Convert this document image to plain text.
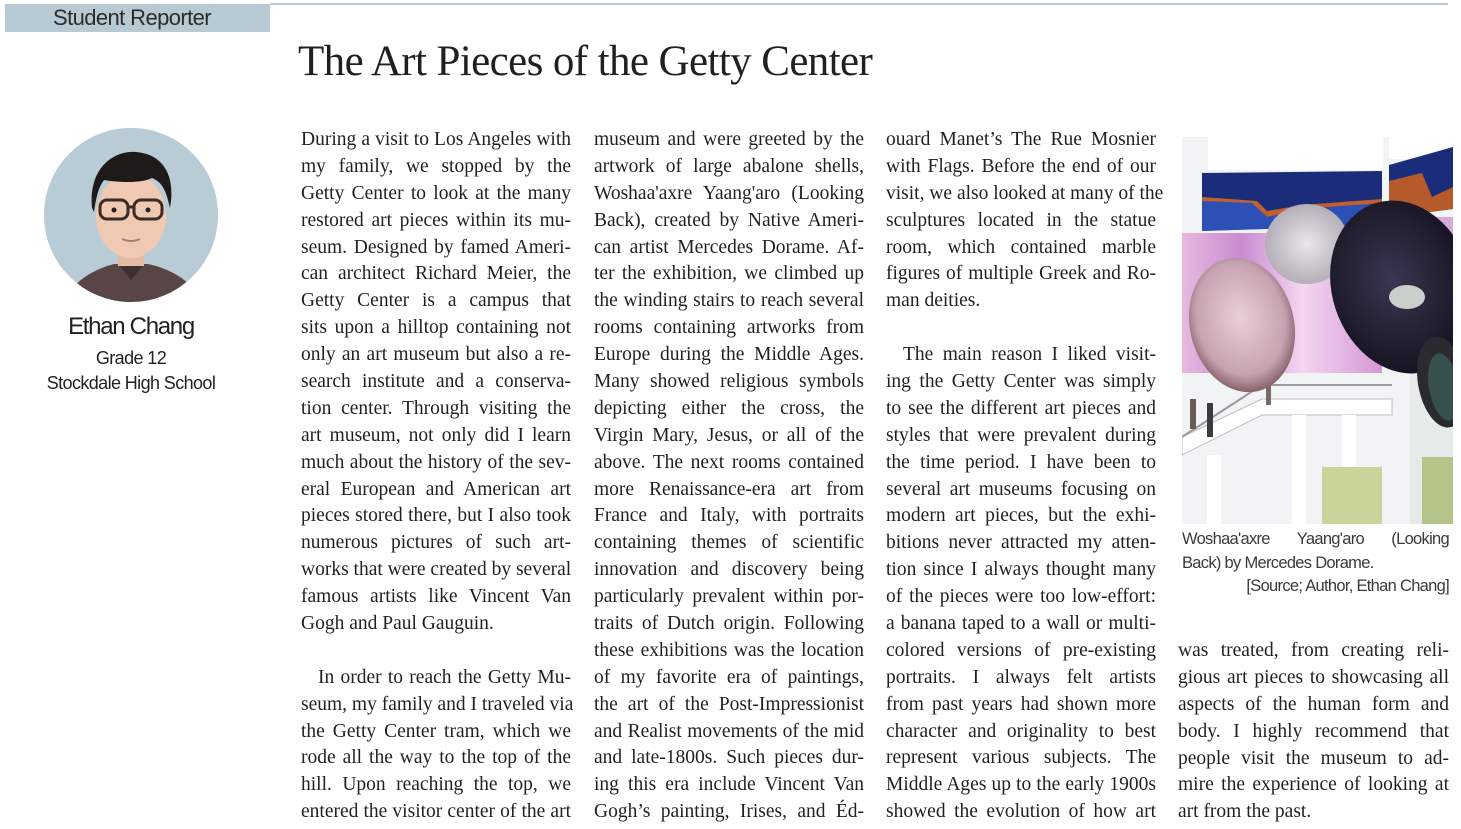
Student Reporter
The Art Pieces of the Getty Center
Ethan Chang
Grade 12
Stockdale High School
During a visit to Los Angeles with
my family, we stopped by the
Getty Center to look at the many
restored art pieces within its mu-
seum. Designed by famed Ameri-
can architect Richard Meier, the
Getty Center is a campus that
sits upon a hilltop containing not
only an art museum but also a re-
search institute and a conserva-
tion center. Through visiting the
art museum, not only did I learn
much about the history of the sev-
eral European and American art
pieces stored there, but I also took
numerous pictures of such art-
works that were created by several
famous artists like Vincent Van
Gogh and Paul Gauguin.
In order to reach the Getty Mu-
seum, my family and I traveled via
the Getty Center tram, which we
rode all the way to the top of the
hill. Upon reaching the top, we
entered the visitor center of the art
museum and were greeted by the
artwork of large abalone shells,
Woshaa'axre Yaang'aro (Looking
Back), created by Native Ameri-
can artist Mercedes Dorame. Af-
ter the exhibition, we climbed up
the winding stairs to reach several
rooms containing artworks from
Europe during the Middle Ages.
Many showed religious symbols
depicting either the cross, the
Virgin Mary, Jesus, or all of the
above. The next rooms contained
more Renaissance-era art from
France and Italy, with portraits
containing themes of scientific
innovation and discovery being
particularly prevalent within por-
traits of Dutch origin. Following
these exhibitions was the location
of my favorite era of paintings,
the art of the Post-Impressionist
and Realist movements of the mid
and late-1800s. Such pieces dur-
ing this era include Vincent Van
Gogh’s painting, Irises, and Éd-
ouard Manet’s The Rue Mosnier
with Flags. Before the end of our
visit, we also looked at many of the
sculptures located in the statue
room, which contained marble
figures of multiple Greek and Ro-
man deities.
The main reason I liked visit-
ing the Getty Center was simply
to see the different art pieces and
styles that were prevalent during
the time period. I have been to
several art museums focusing on
modern art pieces, but the exhi-
bitions never attracted my atten-
tion since I always thought many
of the pieces were too low-effort:
a banana taped to a wall or multi-
colored versions of pre-existing
portraits. I always felt artists
from past years had shown more
character and originality to best
represent various subjects. The
Middle Ages up to the early 1900s
showed the evolution of how art
was treated, from creating reli-
gious art pieces to showcasing all
aspects of the human form and
body. I highly recommend that
people visit the museum to ad-
mire the experience of looking at
art from the past.
Woshaa'axre Yaang'aro (Looking
Back) by Mercedes Dorame.
[Source; Author, Ethan Chang]
